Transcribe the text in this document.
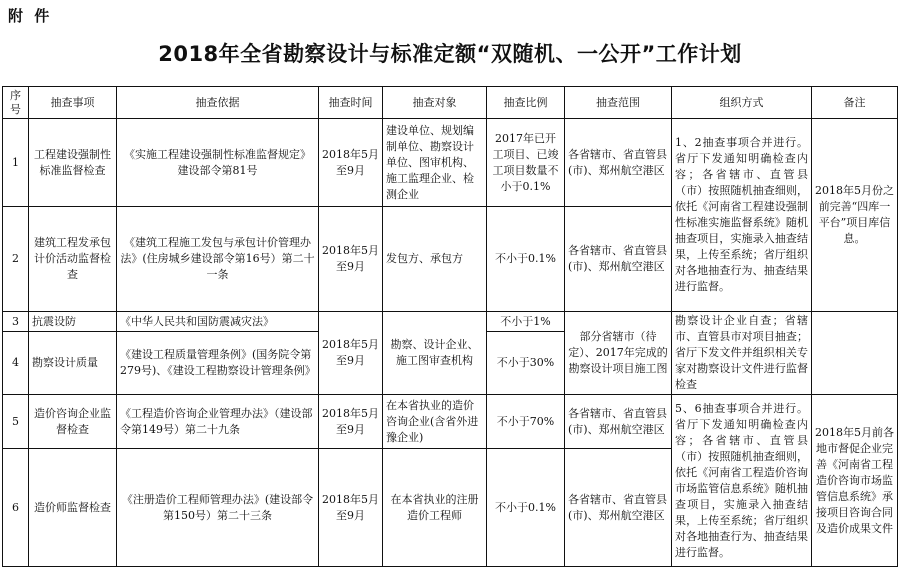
附 件
2018年全省勘察设计与标准定额“双随机、一公开”工作计划
序号	抽查事项	抽查依据	抽查时间	抽查对象	抽查比例	抽查范围	组织方式	备注
1	工程建设强制性标准监督检查	《实施工程建设强制性标准监督规定》建设部令第81号	2018年5月至9月	建设单位、规划编制单位、勘察设计单位、图审机构、施工监理企业、检测企业	2017年已开工项目、已竣工项目数量不小于0.1%	各省辖市、省直管县(市)、郑州航空港区	1、2抽查事项合并进行。省厅下发通知明确检查内容；各省辖市、直管县（市）按照随机抽查细则，依托《河南省工程建设强制性标准实施监督系统》随机抽查项目，实施录入抽查结果，上传至系统；省厅组织对各地抽查行为、抽查结果进行监督。	2018年5月份之前完善“四库一平台”项目库信息。
2	建筑工程发承包计价活动监督检查	《建筑工程施工发包与承包计价管理办法》(住房城乡建设部令第16号）第二十一条	2018年5月至9月	发包方、承包方	不小于0.1%	各省辖市、省直管县(市)、郑州航空港区		
3	抗震设防	《中华人民共和国防震减灾法》	2018年5月至9月	勘察、设计企业、施工图审查机构	不小于1%	部分省辖市（待定）、2017年完成的勘察设计项目施工图	勘察设计企业自查；省辖市、直管县市对项目抽查；省厅下发文件并组织相关专家对勘察设计文件进行监督检查	
4	勘察设计质量	《建设工程质量管理条例》(国务院令第279号)、《建设工程勘察设计管理条例》			不小于30%			
5	造价咨询企业监督检查	《工程造价咨询企业管理办法》（建设部令第149号）第二十九条	2018年5月至9月	在本省执业的造价咨询企业(含省外进豫企业)	不小于70%	各省辖市、省直管县(市)、郑州航空港区	5、6抽查事项合并进行。省厅下发通知明确检查内容；各省辖市、直管县（市）按照随机抽查细则，依托《河南省工程造价咨询市场监管信息系统》随机抽查项目，实施录入抽查结果，上传至系统；省厅组织对各地抽查行为、抽查结果进行监督。	2018年5月前各地市督促企业完善《河南省工程造价咨询市场监管信息系统》承接项目咨询合同及造价成果文件
6	造价师监督检查	《注册造价工程师管理办法》(建设部令第150号）第二十三条	2018年5月至9月	在本省执业的注册造价工程师	不小于0.1%	各省辖市、省直管县(市)、郑州航空港区		
